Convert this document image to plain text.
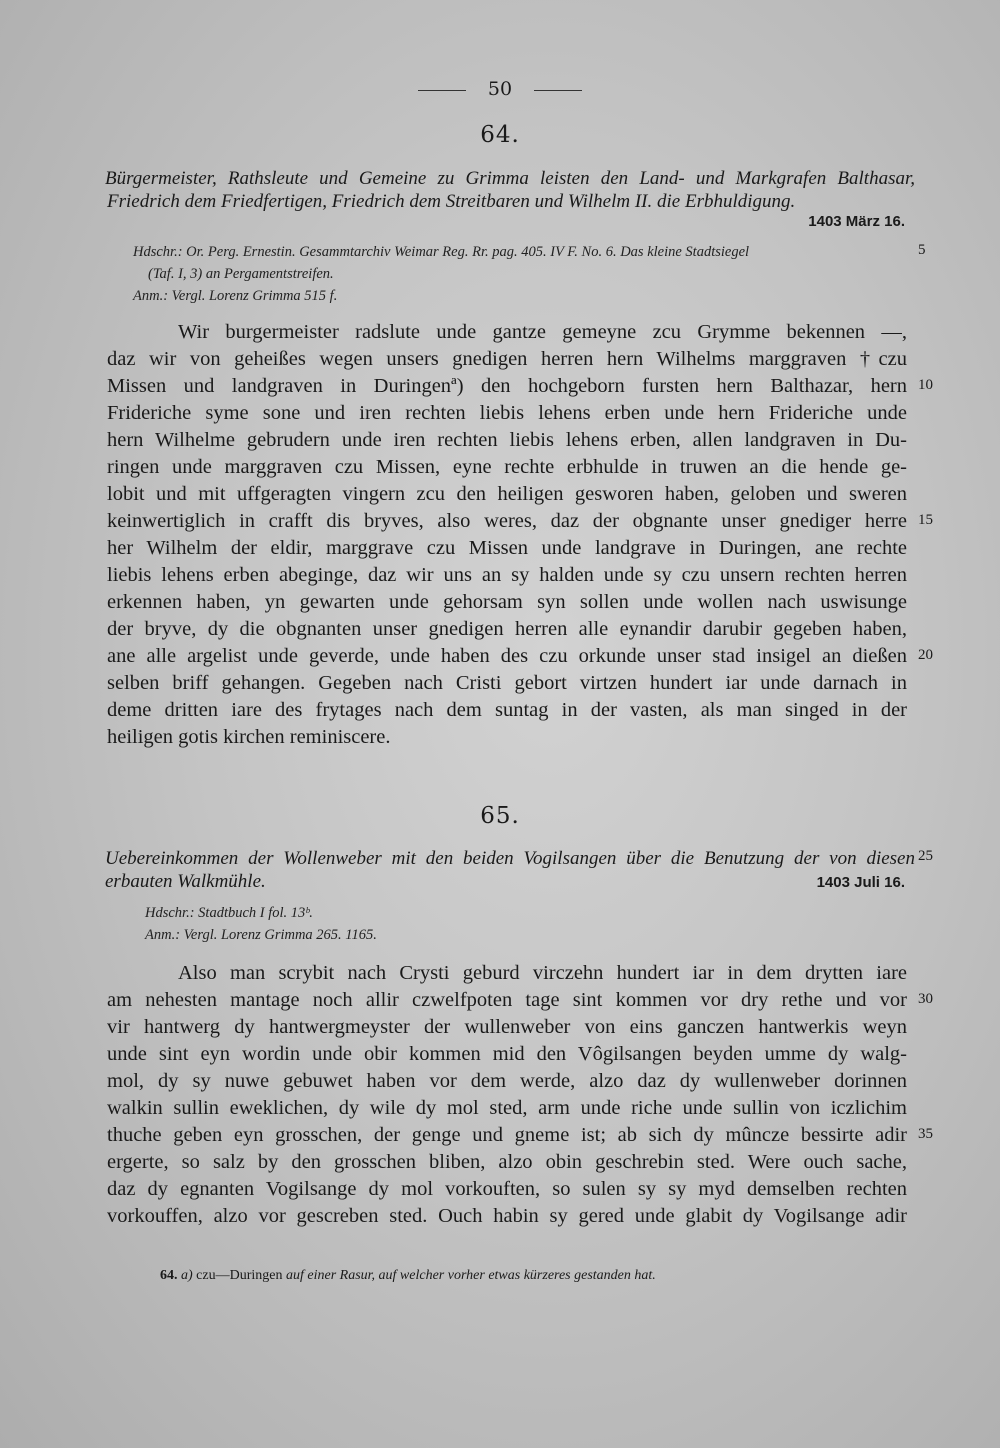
50
64.
Bürgermeister, Rathsleute und Gemeine zu Grimma leisten den Land- und Markgrafen Balthasar,
Friedrich dem Friedfertigen, Friedrich dem Streitbaren und Wilhelm II. die Erbhuldigung.
1403 März 16.
Hdschr.: Or. Perg. Ernestin. Gesammtarchiv Weimar Reg. Rr. pag. 405. IV F. No. 6. Das kleine Stadtsiegel
(Taf. I, 3) an Pergamentstreifen.
Anm.: Vergl. Lorenz Grimma 515 f.
Wir burgermeister radslute unde gantze gemeyne zcu Grymme bekennen —,
daz wir von geheißes wegen unsers gnedigen herren hern Wilhelms marggraven †czu
Missen und landgraven in Duringenª) den hochgeborn fursten hern Balthazar, hern
Frideriche syme sone und iren rechten liebis lehens erben unde hern Frideriche unde
hern Wilhelme gebrudern unde iren rechten liebis lehens erben, allen landgraven in Du-
ringen unde marggraven czu Missen, eyne rechte erbhulde in truwen an die hende ge-
lobit und mit uffgeragten vingern zcu den heiligen gesworen haben, geloben und sweren
keinwertiglich in crafft dis bryves, also weres, daz der obgnante unser gnediger herre
her Wilhelm der eldir, marggrave czu Missen unde landgrave in Duringen, ane rechte
liebis lehens erben abeginge, daz wir uns an sy halden unde sy czu unsern rechten herren
erkennen haben, yn gewarten unde gehorsam syn sollen unde wollen nach uswisunge
der bryve, dy die obgnanten unser gnedigen herren alle eynandir darubir gegeben haben,
ane alle argelist unde geverde, unde haben des czu orkunde unser stad insigel an dießen
selben briff gehangen. Gegeben nach Cristi gebort virtzen hundert iar unde darnach in
deme dritten iare des frytages nach dem suntag in der vasten, als man singed in der
heiligen gotis kirchen reminiscere.
65.
Uebereinkommen der Wollenweber mit den beiden Vogilsangen über die Benutzung der von diesen
erbauten Walkmühle.	1403 Juli 16.
Hdschr.: Stadtbuch I fol. 13ᵇ.
Anm.: Vergl. Lorenz Grimma 265. 1165.
Also man scrybit nach Crysti geburd virczehn hundert iar in dem drytten iare
am nehesten mantage noch allir czwelfpoten tage sint kommen vor dry rethe und vor
vir hantwerg dy hantwergmeyster der wullenweber von eins ganczen hantwerkis weyn
unde sint eyn wordin unde obir kommen mid den Vôgilsangen beyden umme dy walg-
mol, dy sy nuwe gebuwet haben vor dem werde, alzo daz dy wullenweber dorinnen
walkin sullin eweklichen, dy wile dy mol sted, arm unde riche unde sullin von iczlichim
thuche geben eyn grosschen, der genge und gneme ist; ab sich dy mûncze bessirte adir
ergerte, so salz by den grosschen bliben, alzo obin geschrebin sted. Were ouch sache,
daz dy egnanten Vogilsange dy mol vorkouften, so sulen sy sy myd demselben rechten
vorkouffen, alzo vor gescreben sted. Ouch habin sy gered unde glabit dy Vogilsange adir
5
10
15
20
25
30
35
64. a) czu—Duringen auf einer Rasur, auf welcher vorher etwas kürzeres gestanden hat.
